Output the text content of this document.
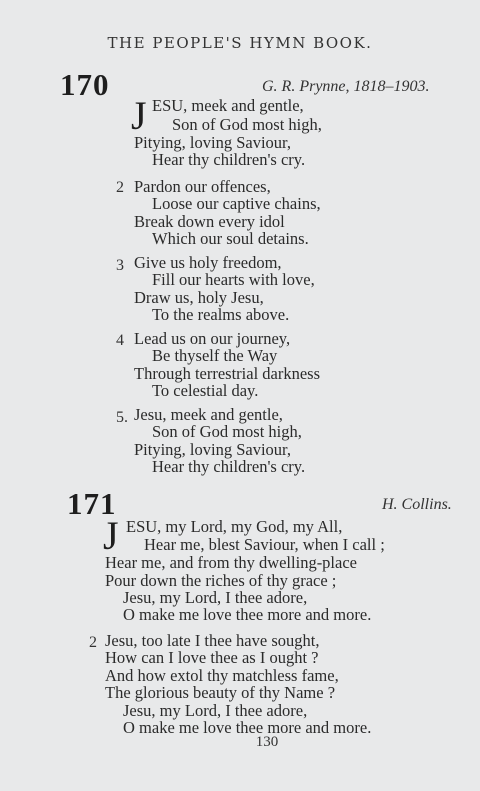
THE PEOPLE'S HYMN BOOK.
170	G. R. Prynne, 1818–1903.
J ESU, meek and gentle,
Son of God most high,
Pitying, loving Saviour,
Hear thy children's cry.
2 Pardon our offences,
Loose our captive chains,
Break down every idol
Which our soul detains.
3 Give us holy freedom,
Fill our hearts with love,
Draw us, holy Jesu,
To the realms above.
4 Lead us on our journey,
Be thyself the Way
Through terrestrial darkness
To celestial day.
5. Jesu, meek and gentle,
Son of God most high,
Pitying, loving Saviour,
Hear thy children's cry.
171	H. Collins.
J ESU, my Lord, my God, my All,
Hear me, blest Saviour, when I call ;
Hear me, and from thy dwelling-place
Pour down the riches of thy grace ;
Jesu, my Lord, I thee adore,
O make me love thee more and more.
2 Jesu, too late I thee have sought,
How can I love thee as I ought ?
And how extol thy matchless fame,
The glorious beauty of thy Name ?
Jesu, my Lord, I thee adore,
O make me love thee more and more.
130
